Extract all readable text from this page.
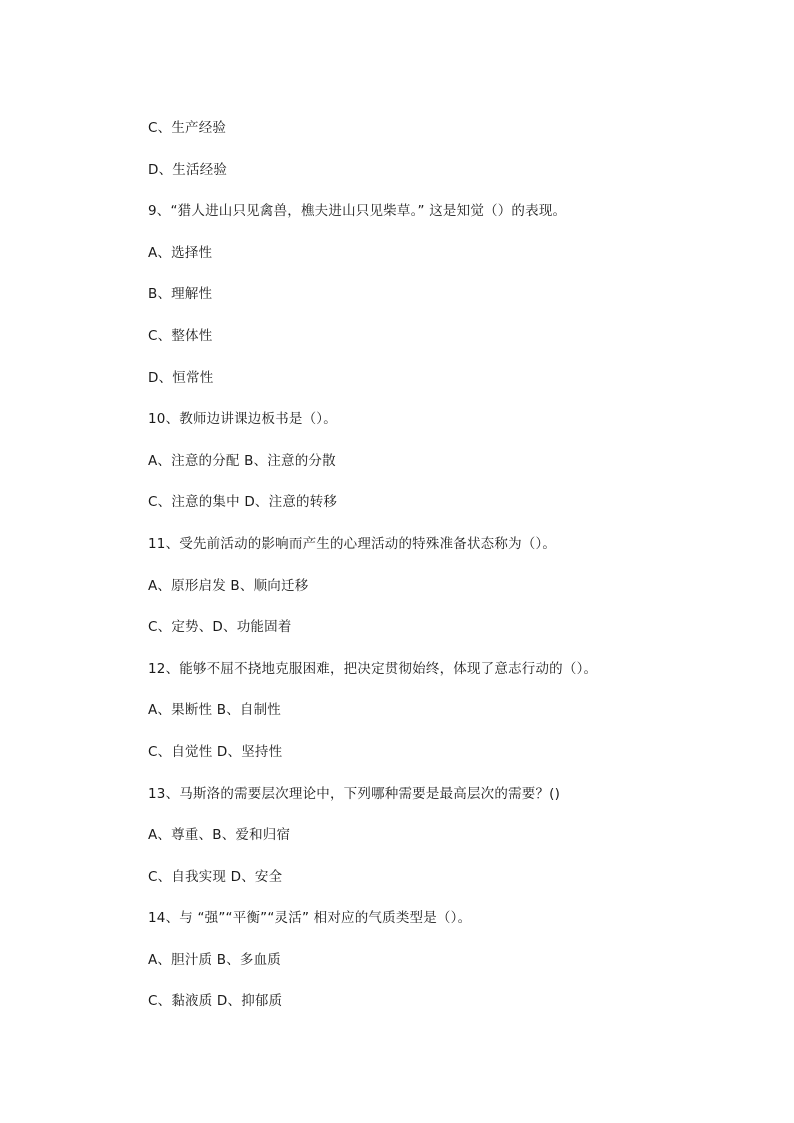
C、生产经验
D、生活经验
9、“猎人进山只见禽兽，樵夫进山只见柴草。” 这是知觉（）的表现。
A、选择性
B、理解性
C、整体性
D、恒常性
10、教师边讲课边板书是（）。
A、注意的分配 B、注意的分散
C、注意的集中 D、注意的转移
11、受先前活动的影响而产生的心理活动的特殊准备状态称为（）。
A、原形启发 B、顺向迁移
C、定势、D、功能固着
12、能够不屈不挠地克服困难，把决定贯彻始终，体现了意志行动的（）。
A、果断性 B、自制性
C、自觉性 D、坚持性
13、马斯洛的需要层次理论中，下列哪种需要是最高层次的需要？()
A、尊重、B、爱和归宿
C、自我实现 D、安全
14、与 “强”“平衡”“灵活” 相对应的气质类型是（）。
A、胆汁质 B、多血质
C、黏液质 D、抑郁质
